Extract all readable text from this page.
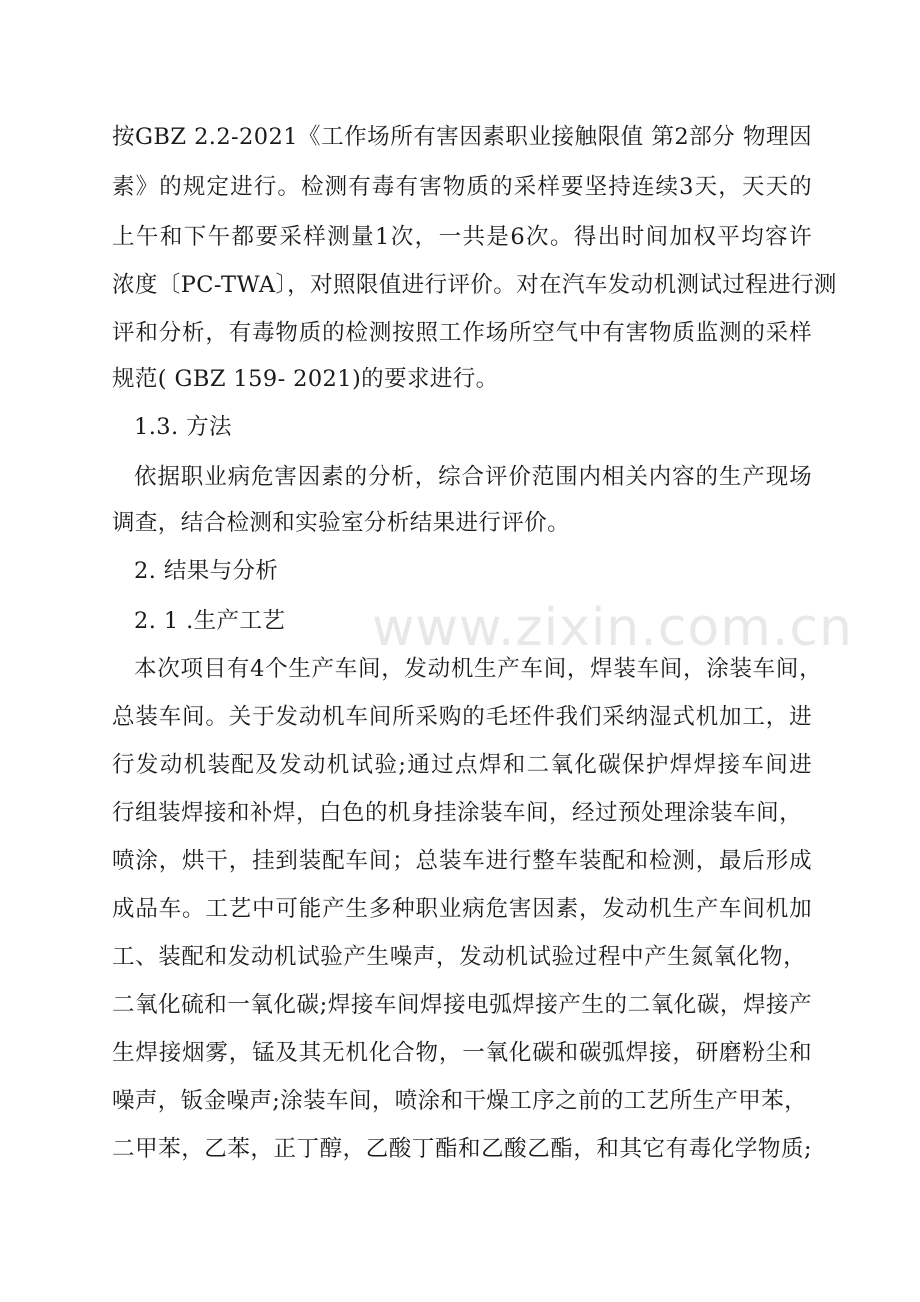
按GBZ 2.2-2021《工作场所有害因素职业接触限值 第2部分 物理因
素》的规定进行。检测有毒有害物质的采样要坚持连续3天，天天的
上午和下午都要采样测量1次，一共是6次。得出时间加权平均容许
浓度〔PC-TWA〕，对照限值进行评价。对在汽车发动机测试过程进行测
评和分析，有毒物质的检测按照工作场所空气中有害物质监测的采样
规范( GBZ 159- 2021)的要求进行。
1.3. 方法
依据职业病危害因素的分析，综合评价范围内相关内容的生产现场
调查，结合检测和实验室分析结果进行评价。
2. 结果与分析
2. 1 .生产工艺
本次项目有4个生产车间，发动机生产车间，焊装车间，涂装车间，
总装车间。关于发动机车间所采购的毛坯件我们采纳湿式机加工，进
行发动机装配及发动机试验;通过点焊和二氧化碳保护焊焊接车间进
行组装焊接和补焊，白色的机身挂涂装车间，经过预处理涂装车间，
喷涂，烘干，挂到装配车间；总装车进行整车装配和检测，最后形成
成品车。工艺中可能产生多种职业病危害因素，发动机生产车间机加
工、装配和发动机试验产生噪声，发动机试验过程中产生氮氧化物，
二氧化硫和一氧化碳;焊接车间焊接电弧焊接产生的二氧化碳，焊接产
生焊接烟雾，锰及其无机化合物，一氧化碳和碳弧焊接，研磨粉尘和
噪声，钣金噪声;涂装车间，喷涂和干燥工序之前的工艺所生产甲苯，
二甲苯，乙苯，正丁醇，乙酸丁酯和乙酸乙酯，和其它有毒化学物质;
www.zixin.com.cn
